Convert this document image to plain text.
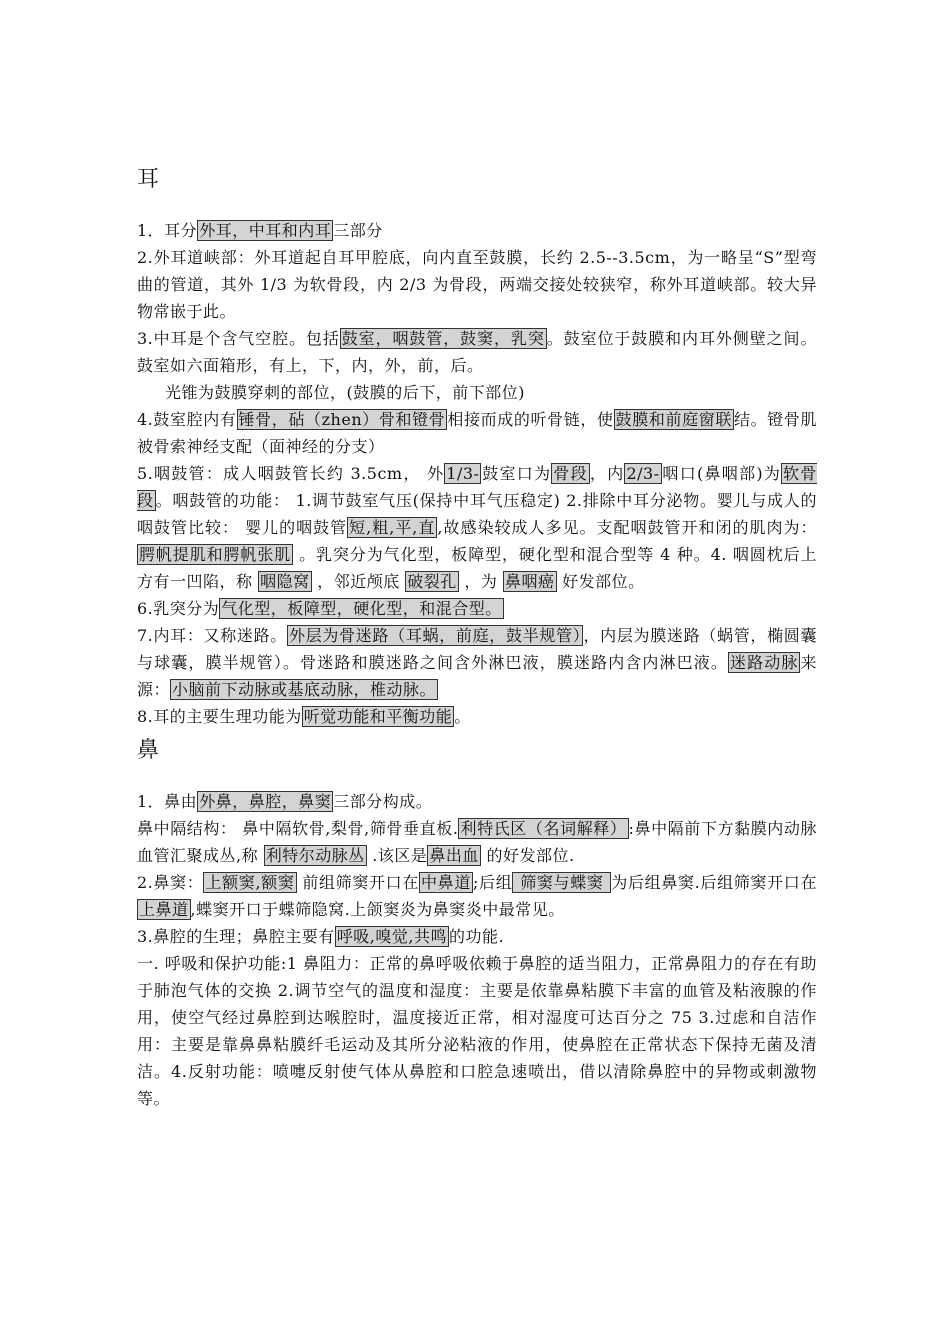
耳

1．耳分 外耳，中耳和内耳 三部分

2.外耳道峡部：外耳道起自耳甲腔底，向内直至鼓膜，长约 2.5--3.5cm，为一略呈“S”型弯曲的管道，其外 1/3 为软骨段，内 2/3 为骨段，两端交接处较狭窄，称外耳道峡部。较大异物常嵌于此。

3.中耳是个含气空腔。包括 鼓室，咽鼓管，鼓窦，乳突 。鼓室位于鼓膜和内耳外侧壁之间。鼓室如六面箱形，有上，下，内，外，前，后。

光锥为鼓膜穿刺的部位，(鼓膜的后下，前下部位)

4.鼓室腔内有 锤骨，砧（zhen）骨和镫骨 相接而成的听骨链，使 鼓膜和前庭窗联 结。镫骨肌被骨索神经支配（面神经的分支）

5.咽鼓管：成人咽鼓管长约 3.5cm， 外 1/3- 鼓室口为 骨段 ，内 2/3- 咽口(鼻咽部)为 软骨段 。咽鼓管的功能： 1.调节鼓室气压(保持中耳气压稳定) 2.排除中耳分泌物。婴儿与成人的咽鼓管比较： 婴儿的咽鼓管 短,粗,平,直 ,故感染较成人多见。支配咽鼓管开和闭的肌肉为： 腭帆提肌和腭帆张肌 。乳突分为气化型，板障型，硬化型和混合型等 4 种。4. 咽圆枕后上方有一凹陷，称 咽隐窝 ，邻近颅底 破裂孔 ，为 鼻咽癌 好发部位。

6.乳突分为 气化型，板障型，硬化型，和混合型。

7.内耳：又称迷路。 外层为骨迷路（耳蜗，前庭，鼓半规管） ，内层为膜迷路（蜗管，椭圆囊与球囊，膜半规管）。骨迷路和膜迷路之间含外淋巴液，膜迷路内含内淋巴液。 迷路动脉 来源： 小脑前下动脉或基底动脉，椎动脉。

8.耳的主要生理功能为 听觉功能和平衡功能 。

鼻

1．鼻由 外鼻，鼻腔，鼻窦 三部分构成。

鼻中隔结构： 鼻中隔软骨,梨骨,筛骨垂直板. 利特氏区（名词解释） :鼻中隔前下方黏膜内动脉血管汇聚成丛,称 利特尔动脉丛 .该区是 鼻出血 的好发部位.

2.鼻窦： 上额窦,额窦 前组筛窦开口在 中鼻道 ;后组 筛窦与蝶窦 为后组鼻窦.后组筛窦开口在上鼻道 ,蝶窦开口于蝶筛隐窝.上颌窦炎为鼻窦炎中最常见。

3.鼻腔的生理；鼻腔主要有 呼吸,嗅觉,共鸣 的功能.

一. 呼吸和保护功能:1 鼻阻力：正常的鼻呼吸依赖于鼻腔的适当阻力，正常鼻阻力的存在有助于肺泡气体的交换 2.调节空气的温度和湿度：主要是依靠鼻粘膜下丰富的血管及粘液腺的作用，使空气经过鼻腔到达喉腔时，温度接近正常，相对湿度可达百分之 75 3.过虑和自洁作用：主要是靠鼻鼻粘膜纤毛运动及其所分泌粘液的作用，使鼻腔在正常状态下保持无菌及清洁。4.反射功能：喷嚏反射使气体从鼻腔和口腔急速喷出，借以清除鼻腔中的异物或刺激物等。
